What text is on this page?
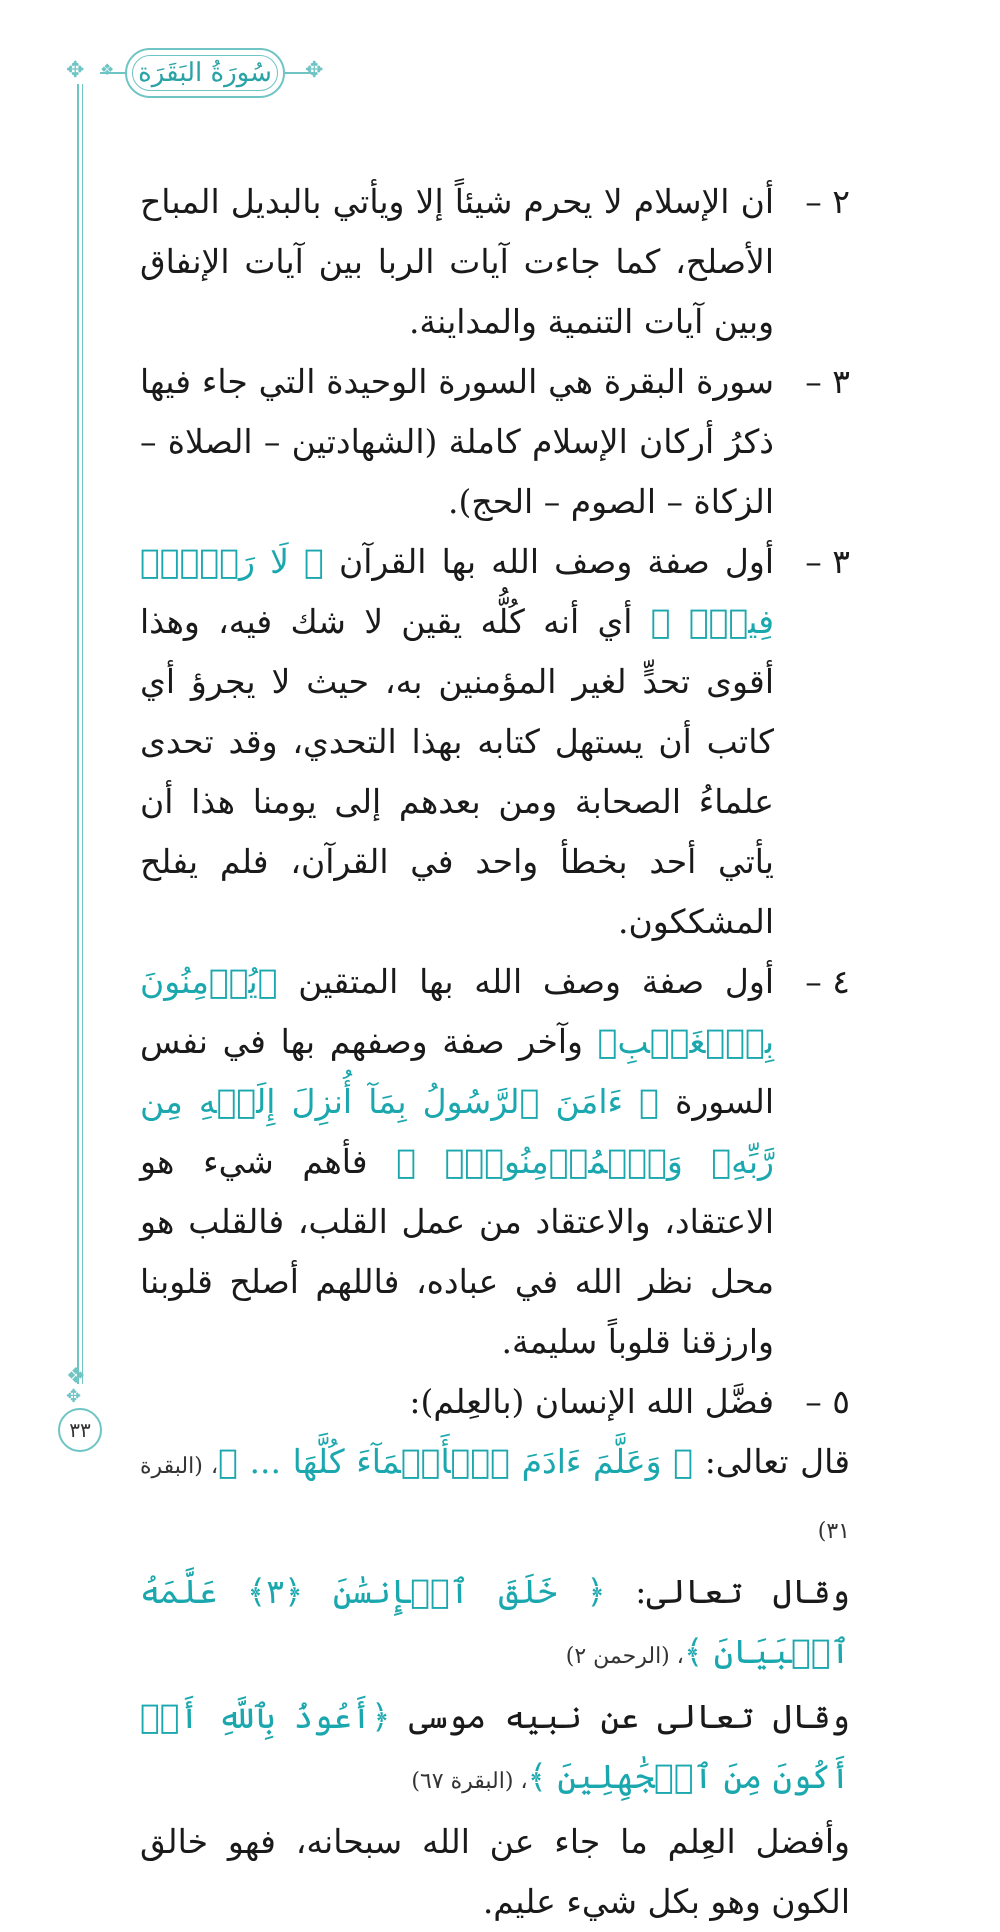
✥ ❖	✥
❖
✥
سُورَةُ البَقَرَة
٢ –

أن الإسلام لا يحرم شيئاً إلا ويأتي بالبديل المباح الأصلح، كما جاءت آيات الربا بين آيات الإنفاق وبين آيات التنمية والمداينة.

٣ –

سورة البقرة هي السورة الوحيدة التي جاء فيها ذكرُ أركان الإسلام كاملة (الشهادتين – الصلاة – الزكاة – الصوم – الحج).

٣ –

أول صفة وصف الله بها القرآن ﴿ لَا رَيۡبَۛ فِيهِۛ ﴾ أي أنه كُلُّه يقين لا شك فيه، وهذا أقوى تحدٍّ لغير المؤمنين به، حيث لا يجرؤ أي كاتب أن يستهل كتابه بهذا التحدي، وقد تحدى علماءُ الصحابة ومن بعدهم إلى يومنا هذا أن يأتي أحد بخطأ واحد في القرآن، فلم يفلح المشككون.

٤ –

أول صفة وصف الله بها المتقين ﴿يُؤۡمِنُونَ بِٱلۡغَيۡبِ﴾ وآخر صفة وصفهم بها في نفس السورة ﴿ ءَامَنَ ٱلرَّسُولُ بِمَآ أُنزِلَ إِلَيۡهِ مِن رَّبِّهِۦ وَٱلۡمُؤۡمِنُونَۚ ﴾ فأهم شيء هو الاعتقاد، والاعتقاد من عمل القلب، فالقلب هو محل نظر الله في عباده، فاللهم أصلح قلوبنا وارزقنا قلوباً سليمة.

٥ –

فضَّل الله الإنسان (بالعِلم):

قال تعالى: ﴿ وَعَلَّمَ ءَادَمَ ٱلۡأَسۡمَآءَ كُلَّهَا ... ﴾، (البقرة ٣١)

وقال تعالى: ﴿ خَلَقَ ٱلۡإِنسَٰنَ ﴿٣﴾ عَلَّمَهُ ٱلۡبَيَانَ ﴾، (الرحمن ٢)

وقال تعالى عن نبيه موسى ﴿أَعُوذُ بِٱللَّهِ أَنۡ أَكُونَ مِنَ ٱلۡجَٰهِلِينَ ﴾، (البقرة ٦٧)

وأفضل العِلم ما جاء عن الله سبحانه، فهو خالق الكون وهو بكل شيء عليم.

٣٣
